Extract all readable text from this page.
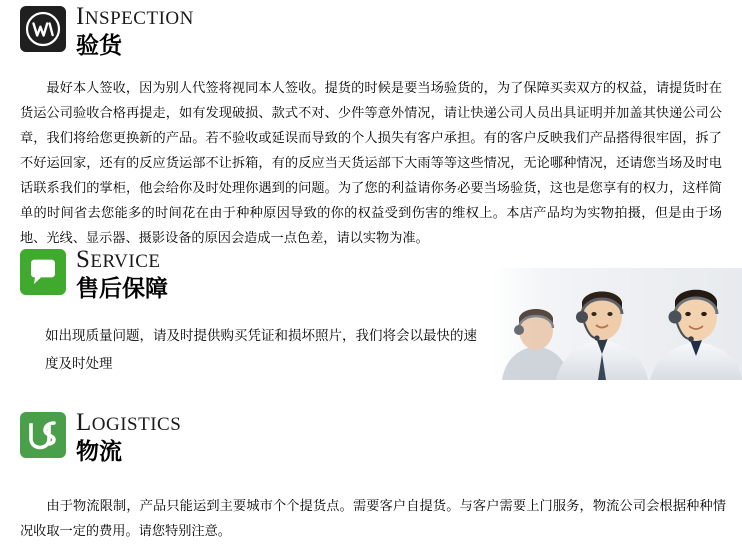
INSPECTION
验货
最好本人签收，因为别人代签将视同本人签收。提货的时候是要当场验货的，为了保障买卖双方的权益，请提货时在货运公司验收合格再提走，如有发现破损、款式不对、少件等意外情况，请让快递公司人员出具证明并加盖其快递公司公章，我们将给您更换新的产品。若不验收或延误而导致的个人损失有客户承担。有的客户反映我们产品搭得很牢固，拆了不好运回家，还有的反应货运部不让拆箱，有的反应当天货运部下大雨等等这些情况，无论哪种情况，还请您当场及时电话联系我们的掌柜，他会给你及时处理你遇到的问题。为了您的利益请你务必要当场验货，这也是您享有的权力，这样简单的时间省去您能多的时间花在由于种种原因导致的你的权益受到伤害的维权上。本店产品均为实物拍摄，但是由于场地、光线、显示器、摄影设备的原因会造成一点色差，请以实物为准。
SERVICE
售后保障
如出现质量问题，请及时提供购买凭证和损坏照片，我们将会以最快的速度及时处理
LOGISTICS
物流
由于物流限制，产品只能运到主要城市个个提货点。需要客户自提货。与客户需要上门服务，物流公司会根据种种情况收取一定的费用。请您特别注意。
